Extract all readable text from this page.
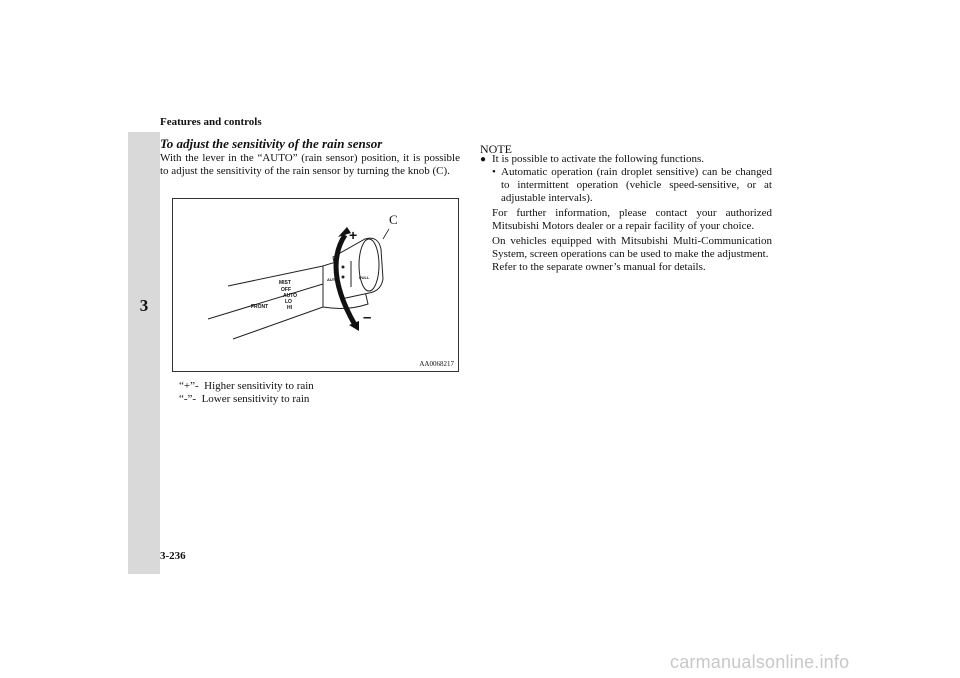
Features and controls
3
To adjust the sensitivity of the rain sensor
With the lever in the “AUTO” (rain sensor) position, it is possible to adjust the sensitivity of the rain sensor by turning the knob (C).
+
–
MIST
OFF
AUTO
LO
HI
FRONT
AUTO	PULL
AA0068217
C
“+”-  Higher sensitivity to rain
“-”-  Lower sensitivity to rain
NOTE
● It is possible to activate the following functions.
• Automatic operation (rain droplet sensitive) can be changed to intermittent operation (vehicle speed-sensitive, or at adjustable intervals).

For further information, please contact your authorized Mitsubishi Motors dealer or a repair facility of your choice.

On vehicles equipped with Mitsubishi Multi-Communication System, screen operations can be used to make the adjustment.

Refer to the separate owner’s manual for details.

3-236
carmanualsonline.info
